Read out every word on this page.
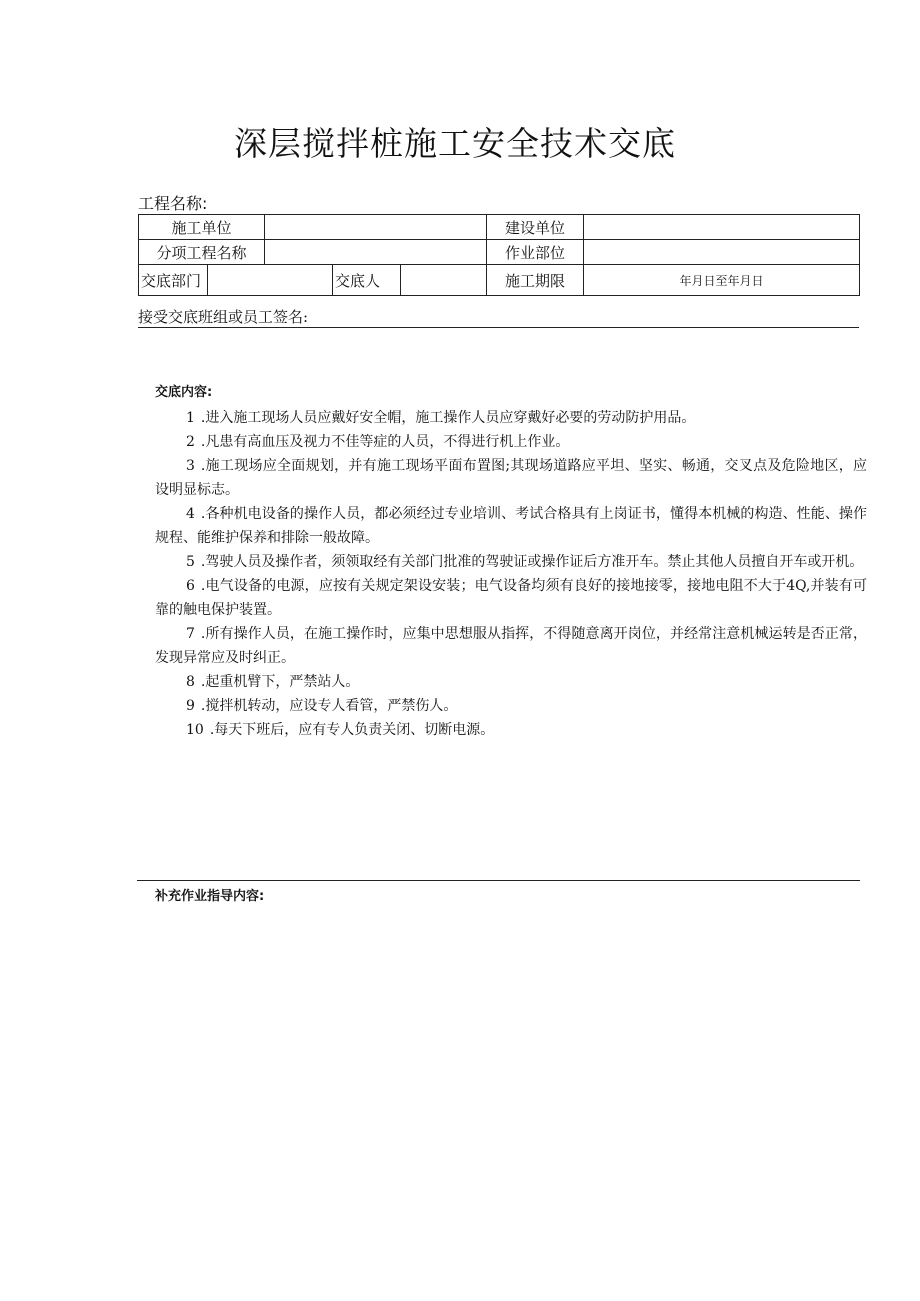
深层搅拌桩施工安全技术交底
工程名称:
施工单位					建设单位	
分项工程名称					作业部位	
交底部门			交底人		施工期限	年月日至年月日
接受交底班组或员工签名:
交底内容:

1 .进入施工现场人员应戴好安全帽，施工操作人员应穿戴好必要的劳动防护用品。

2 .凡患有高血压及视力不佳等症的人员，不得进行机上作业。

3 .施工现场应全面规划，并有施工现场平面布置图;其现场道路应平坦、坚实、畅通，交叉点及危险地区，应设明显标志。

4 .各种机电设备的操作人员，都必须经过专业培训、考试合格具有上岗证书，懂得本机械的构造、性能、操作规程、能维护保养和排除一般故障。

5 .驾驶人员及操作者，须领取经有关部门批准的驾驶证或操作证后方准开车。禁止其他人员擅自开车或开机。

6 .电气设备的电源，应按有关规定架设安装；电气设备均须有良好的接地接零，接地电阻不大于4Q,并装有可靠的触电保护装置。

7 .所有操作人员，在施工操作时，应集中思想服从指挥，不得随意离开岗位，并经常注意机械运转是否正常，发现异常应及时纠正。

8 .起重机臂下，严禁站人。

9 .搅拌机转动，应设专人看管，严禁伤人。

10 .每天下班后，应有专人负责关闭、切断电源。

补充作业指导内容:
